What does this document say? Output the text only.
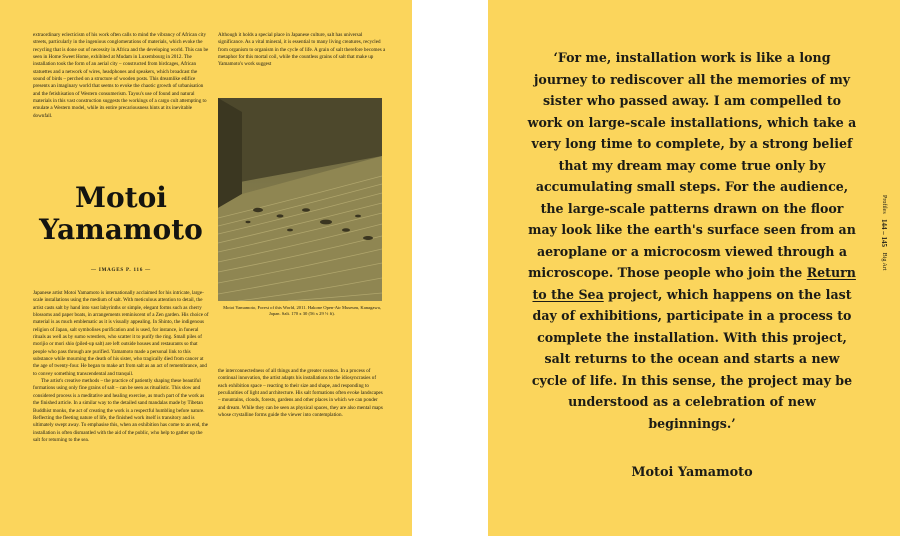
extraordinary eclecticism of his work often calls to mind the vibrancy of African city streets, particularly in the ingenious conglomerations of materials, which evoke the recycling that is done out of necessity in Africa and the developing world. This can be seen in Home Sweet Home, exhibited at Mudam in Luxembourg in 2012. The installation took the form of an aerial city – constructed from birdcages, African statuettes and a network of wires, headphones and speakers, which broadcast the sound of birds – perched on a structure of wooden posts. This dreamlike edifice presents an imaginary world that seems to evoke the chaotic growth of urbanisation and the fetishisation of Western consumerism. Tayou's use of found and natural materials in this vast construction suggests the workings of a cargo cult attempting to emulate a Western model, while its entire precariousness hints at its inevitable downfall.

Motoi Yamamoto

— IMAGES P. 116 —

Japanese artist Motoi Yamamoto is internationally acclaimed for his intricate, large-scale installations using the medium of salt. With meticulous attention to detail, the artist casts salt by hand into vast labyrinths or simple, elegant forms such as cherry blossoms and paper boats, in arrangements reminiscent of a Zen garden. His choice of material is as much emblematic as it is visually appealing. In Shinto, the indigenous religion of Japan, salt symbolises purification and is used, for instance, in funeral rituals as well as by sumo wrestlers, who scatter it to purify the ring. Small piles of morijio or mori shio (piled-up salt) are left outside houses and restaurants so that people who pass through are purified. Yamamoto made a personal link to this substance while mourning the death of his sister, who tragically died from cancer at the age of twenty-four. He began to make art from salt as an act of remembrance, and to convey something transcendental and tranquil.

The artist's creative methods – the practice of patiently shaping these beautiful formations using only fine grains of salt – can be seen as ritualistic. This slow and considered process is a meditative and healing exercise, as much part of the work as the finished article. In a similar way to the detailed sand mandalas made by Tibetan Buddhist monks, the act of creating the work is a respectful humbling before nature. Reflecting the fleeting nature of life, the finished work itself is transitory and is ultimately swept away. To emphasise this, when an exhibition has come to an end, the installation is often dismantled with the aid of the public, who help to gather up the salt for returning to the sea.

Although it holds a special place in Japanese culture, salt has universal significance. As a vital mineral, it is essential to many living creatures, recycled from organism to organism in the cycle of life. A grain of salt therefore becomes a metaphor for this mortal coil, while the countless grains of salt that make up Yamamoto's work suggest

Motoi Yamamoto, Forest of this World, 2011. Hakone Open-Air Museum, Kanagawa, Japan. Salt. 170 x 30 (56 x 29 ½ ft).

the interconnectedness of all things and the greater cosmos. In a process of continual innovation, the artist adapts his installations to the idiosyncrasies of each exhibition space – reacting to their size and shape, and responding to peculiarities of light and architecture. His salt formations often evoke landscapes – mountains, clouds, forests, gardens and other places in which we can ponder and dream. While they can be seen as physical spaces, they are also mental maps whose crystalline forms guide the viewer into contemplation.

‘For me, installation work is like a long journey to rediscover all the memories of my sister who passed away. I am compelled to work on large-scale installations, which take a very long time to complete, by a strong belief that my dream may come true only by accumulating small steps. For the audience, the large-scale patterns drawn on the floor may look like the earth's surface seen from an aeroplane or a microcosm viewed through a microscope. Those people who join the Return to the Sea project, which happens on the last day of exhibitions, participate in a process to complete the installation. With this project, salt returns to the ocean and starts a new cycle of life. In this sense, the project may be understood as a celebration of new beginnings.’

Motoi Yamamoto

Profiles 144 – 145 Big Art
